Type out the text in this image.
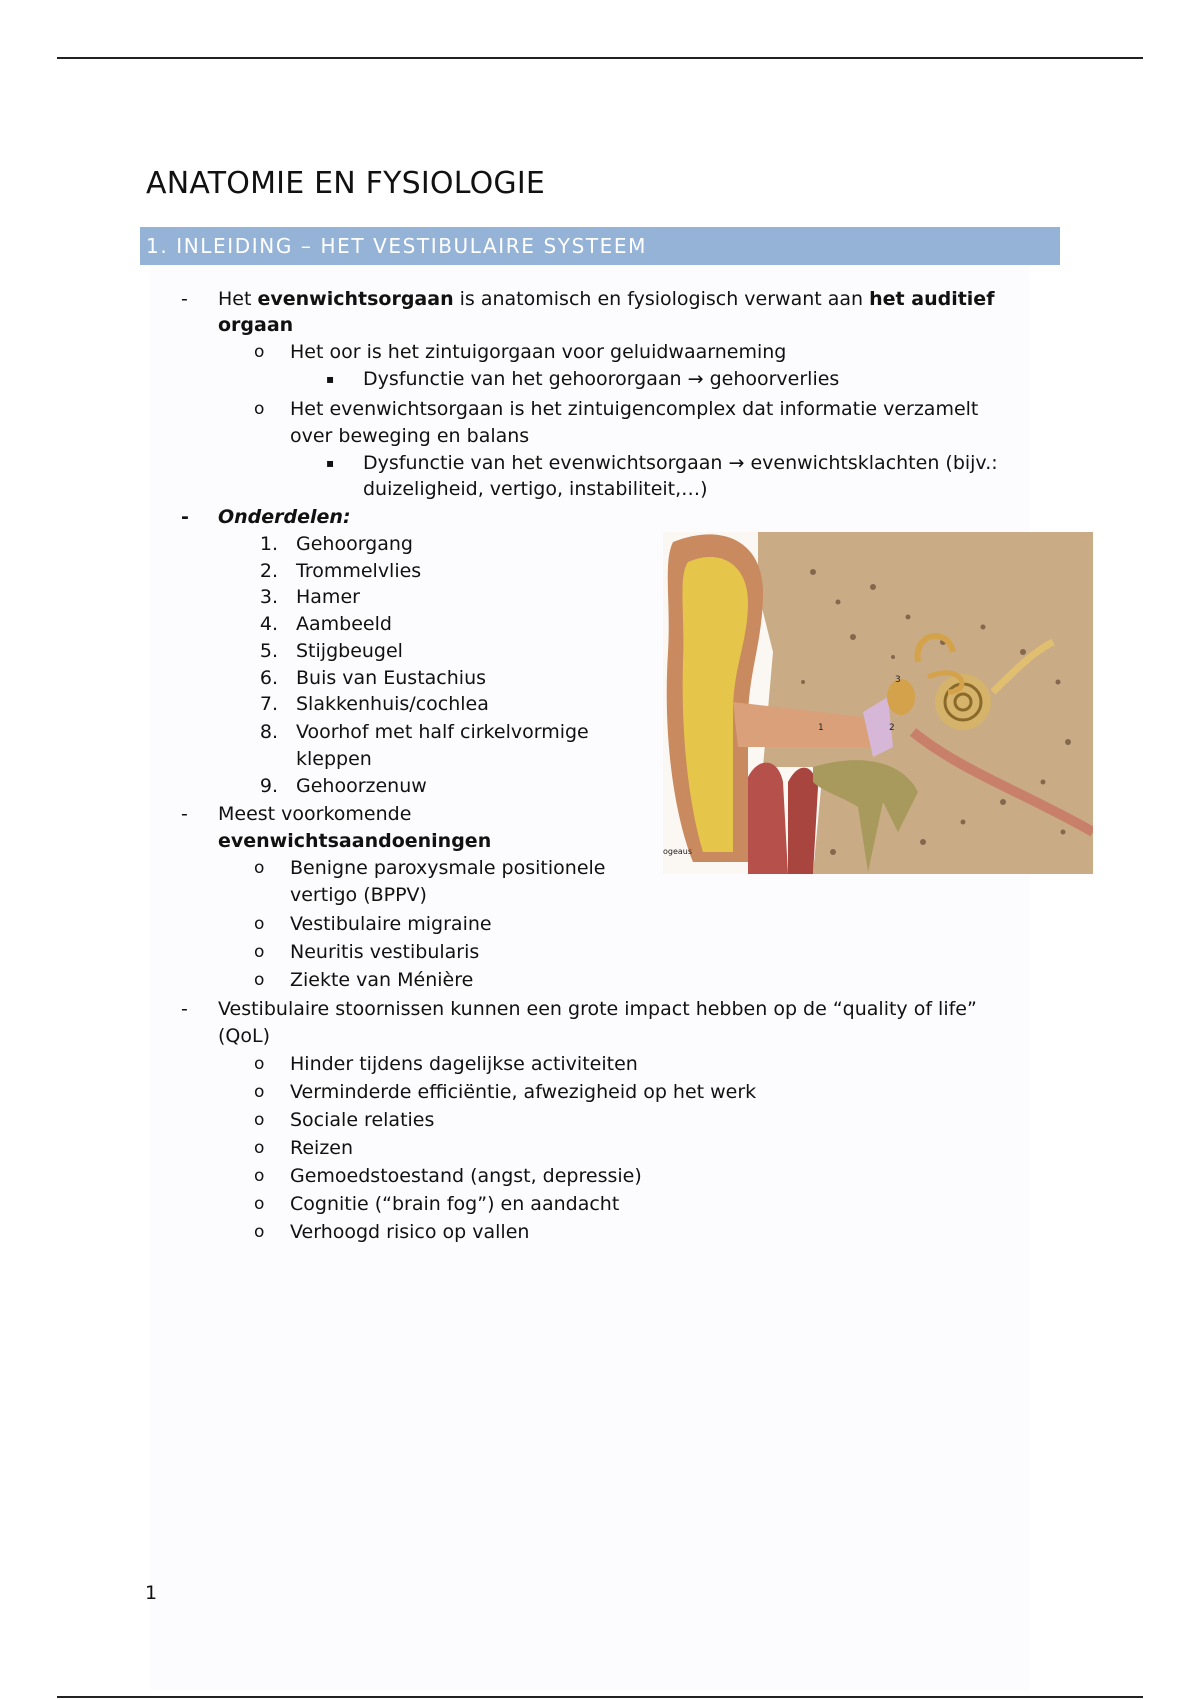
ANATOMIE EN FYSIOLOGIE
1. INLEIDING – HET VESTIBULAIRE SYSTEEM
- Het evenwichtsorgaan is anatomisch en fysiologisch verwant aan het auditief
orgaan
o Het oor is het zintuigorgaan voor geluidwaarneming
▪ Dysfunctie van het gehoororgaan → gehoorverlies
o Het evenwichtsorgaan is het zintuigencomplex dat informatie verzamelt
over beweging en balans
▪ Dysfunctie van het evenwichtsorgaan → evenwichtsklachten (bijv.:
duizeligheid, vertigo, instabiliteit,…)
- Onderdelen:
1. Gehoorgang
2. Trommelvlies
3. Hamer
4. Aambeeld
5. Stijgbeugel
6. Buis van Eustachius
7. Slakkenhuis/cochlea
8. Voorhof met half cirkelvormige
kleppen
9. Gehoorzenuw
- Meest voorkomende
evenwichtsaandoeningen
o Benigne paroxysmale positionele
vertigo (BPPV)
o Vestibulaire migraine
o Neuritis vestibularis
o Ziekte van Ménière
- Vestibulaire stoornissen kunnen een grote impact hebben op de “quality of life”
(QoL)
o Hinder tijdens dagelijkse activiteiten
o Verminderde efficiëntie, afwezigheid op het werk
o Sociale relaties
o Reizen
o Gemoedstoestand (angst, depressie)
o Cognitie (“brain fog”) en aandacht
o Verhoogd risico op vallen
1	2
3
ogeaus
1
